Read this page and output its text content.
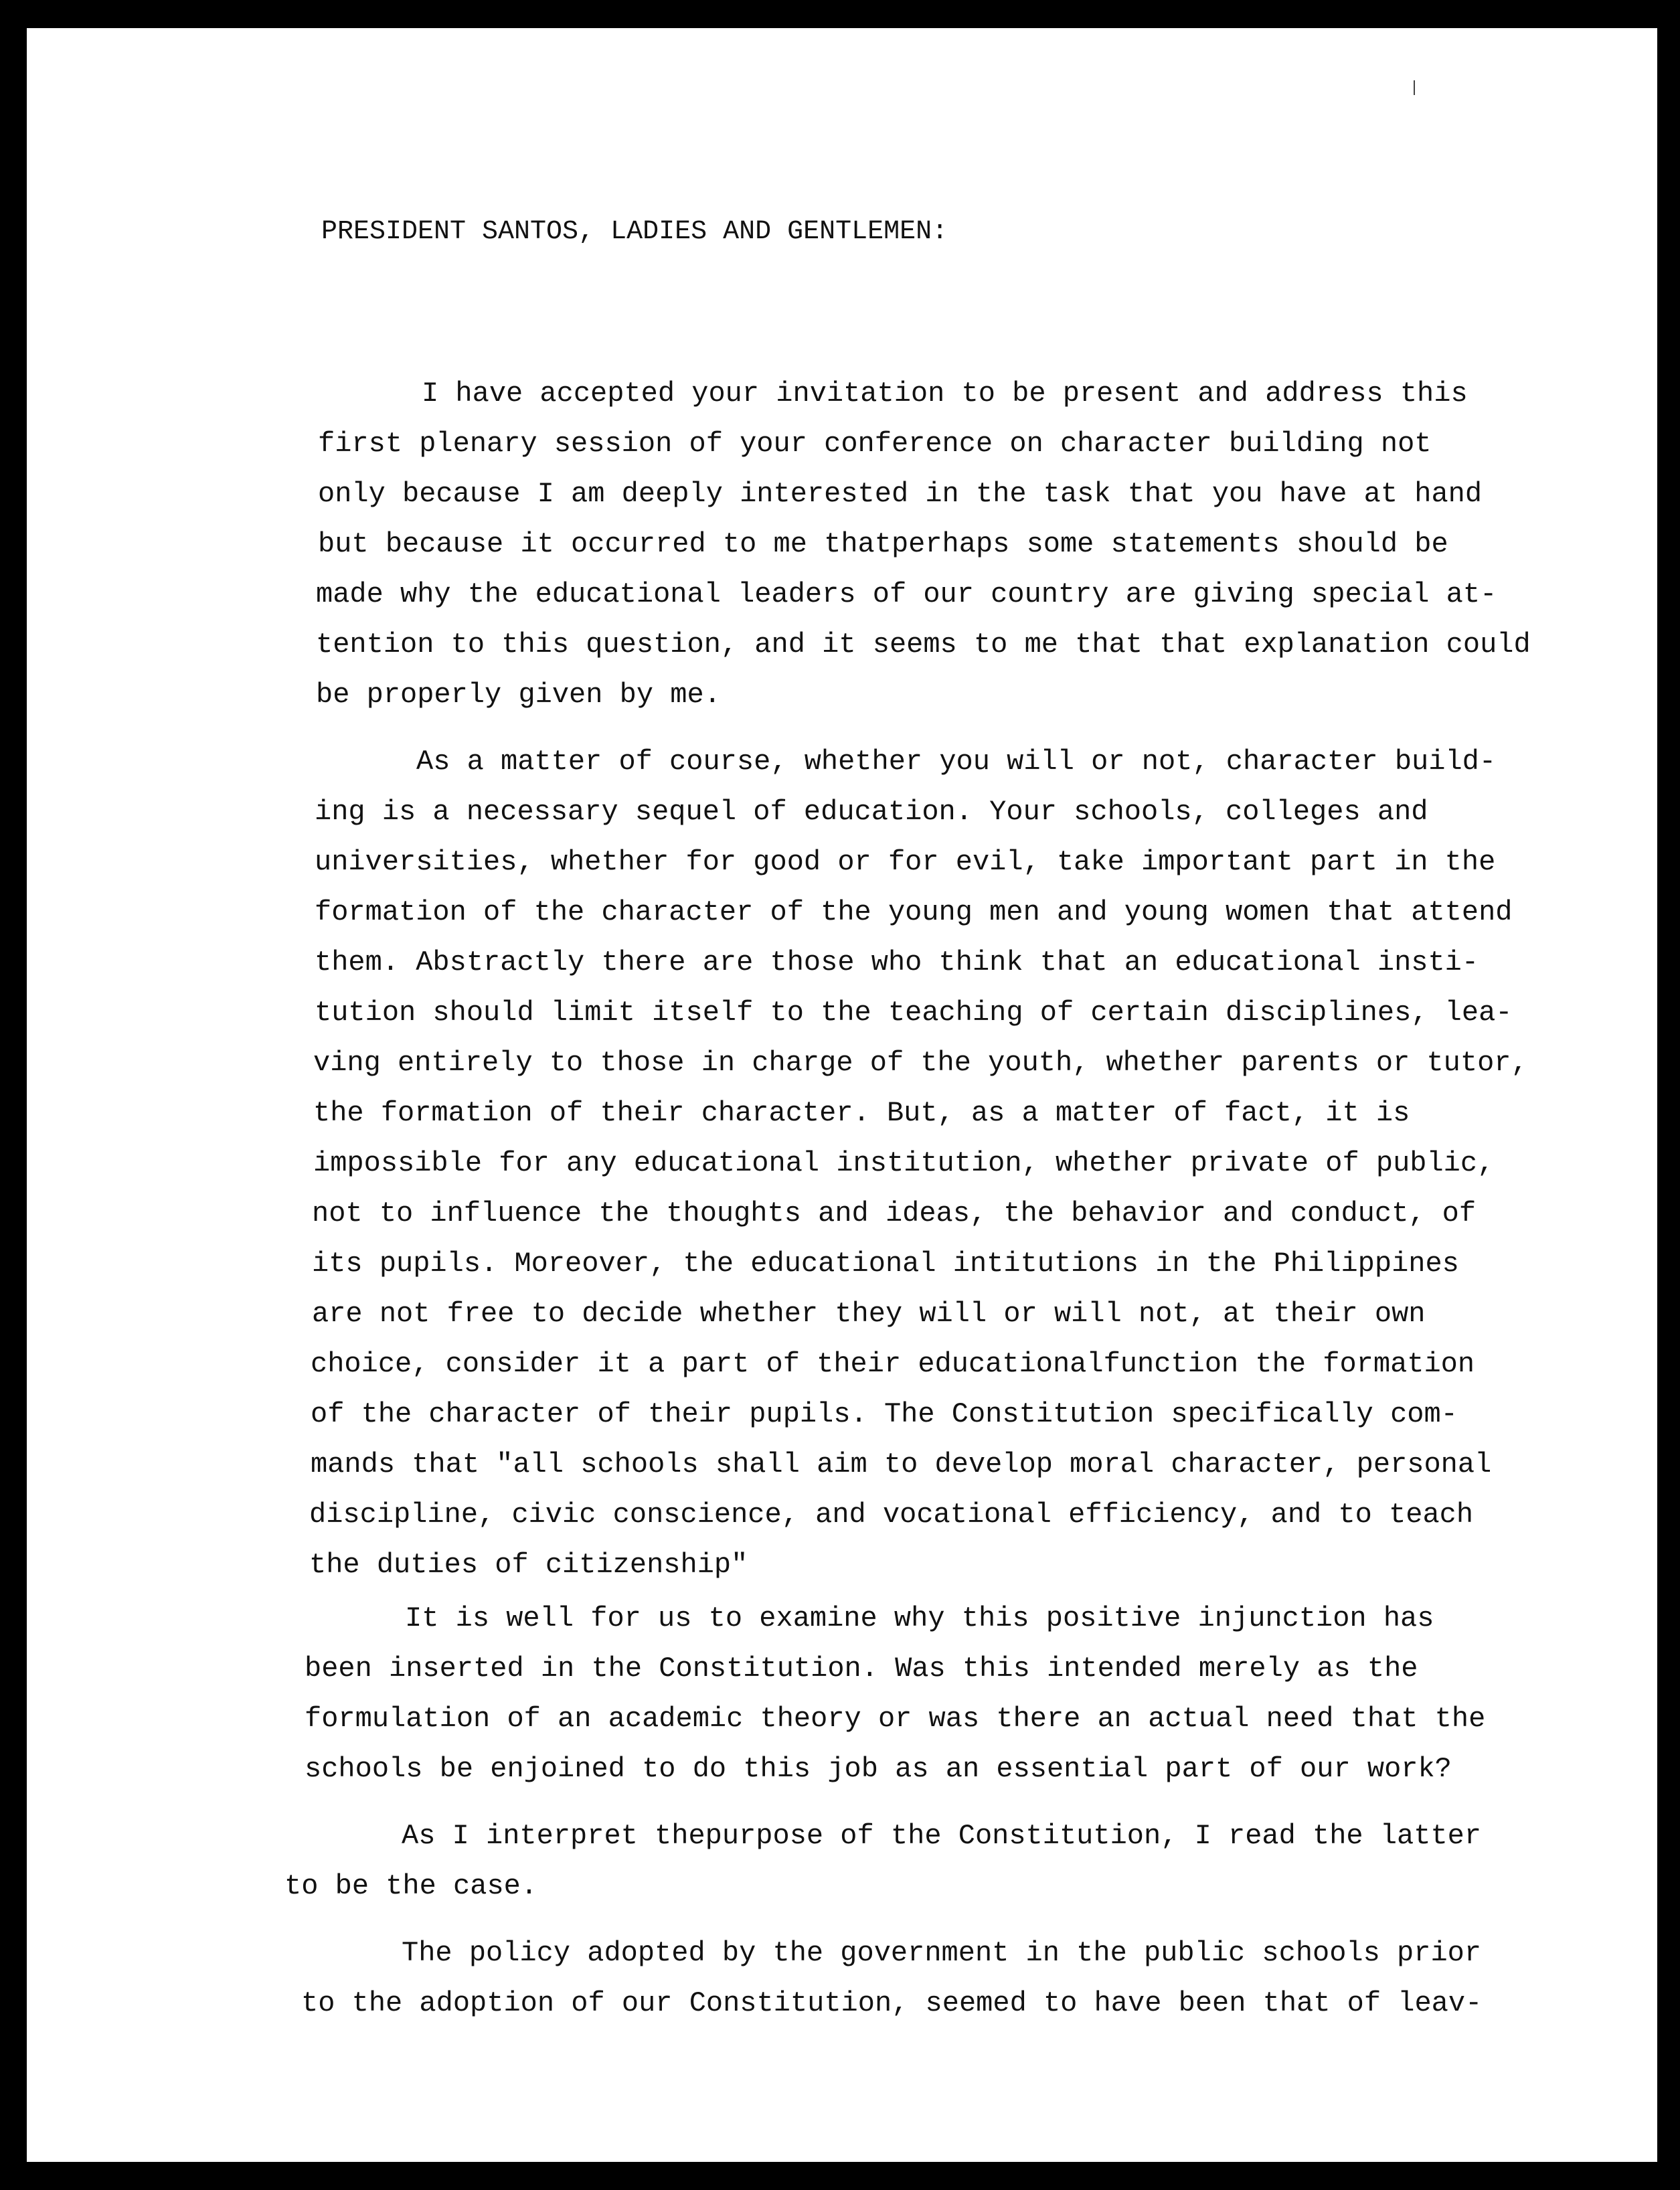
PRESIDENT SANTOS, LADIES AND GENTLEMEN:
I have accepted your invitation to be present and address this
first plenary session of your conference on character building not
only because I am deeply interested in the task that you have at hand
but because it occurred to me thatperhaps some statements should be
made why the educational leaders of our country are giving special at-
tention to this question, and it seems to me that that explanation could
be properly given by me.
As a matter of course, whether you will or not, character build-
ing is a necessary sequel of education. Your schools, colleges and
universities, whether for good or for evil, take important part in the
formation of the character of the young men and young women that attend
them. Abstractly there are those who think that an educational insti-
tution should limit itself to the teaching of certain disciplines, lea-
ving entirely to those in charge of the youth, whether parents or tutor,
the formation of their character. But, as a matter of fact, it is
impossible for any educational institution, whether private of public,
not to influence the thoughts and ideas, the behavior and conduct, of
its pupils. Moreover, the educational intitutions in the Philippines
are not free to decide whether they will or will not, at their own
choice, consider it a part of their educationalfunction the formation
of the character of their pupils. The Constitution specifically com-
mands that "all schools shall aim to develop moral character, personal
discipline, civic conscience, and vocational efficiency, and to teach
the duties of citizenship"
It is well for us to examine why this positive injunction has
been inserted in the Constitution. Was this intended merely as the
formulation of an academic theory or was there an actual need that the
schools be enjoined to do this job as an essential part of our work?
As I interpret thepurpose of the Constitution, I read the latter
to be the case.
The policy adopted by the government in the public schools prior
to the adoption of our Constitution, seemed to have been that of leav-
